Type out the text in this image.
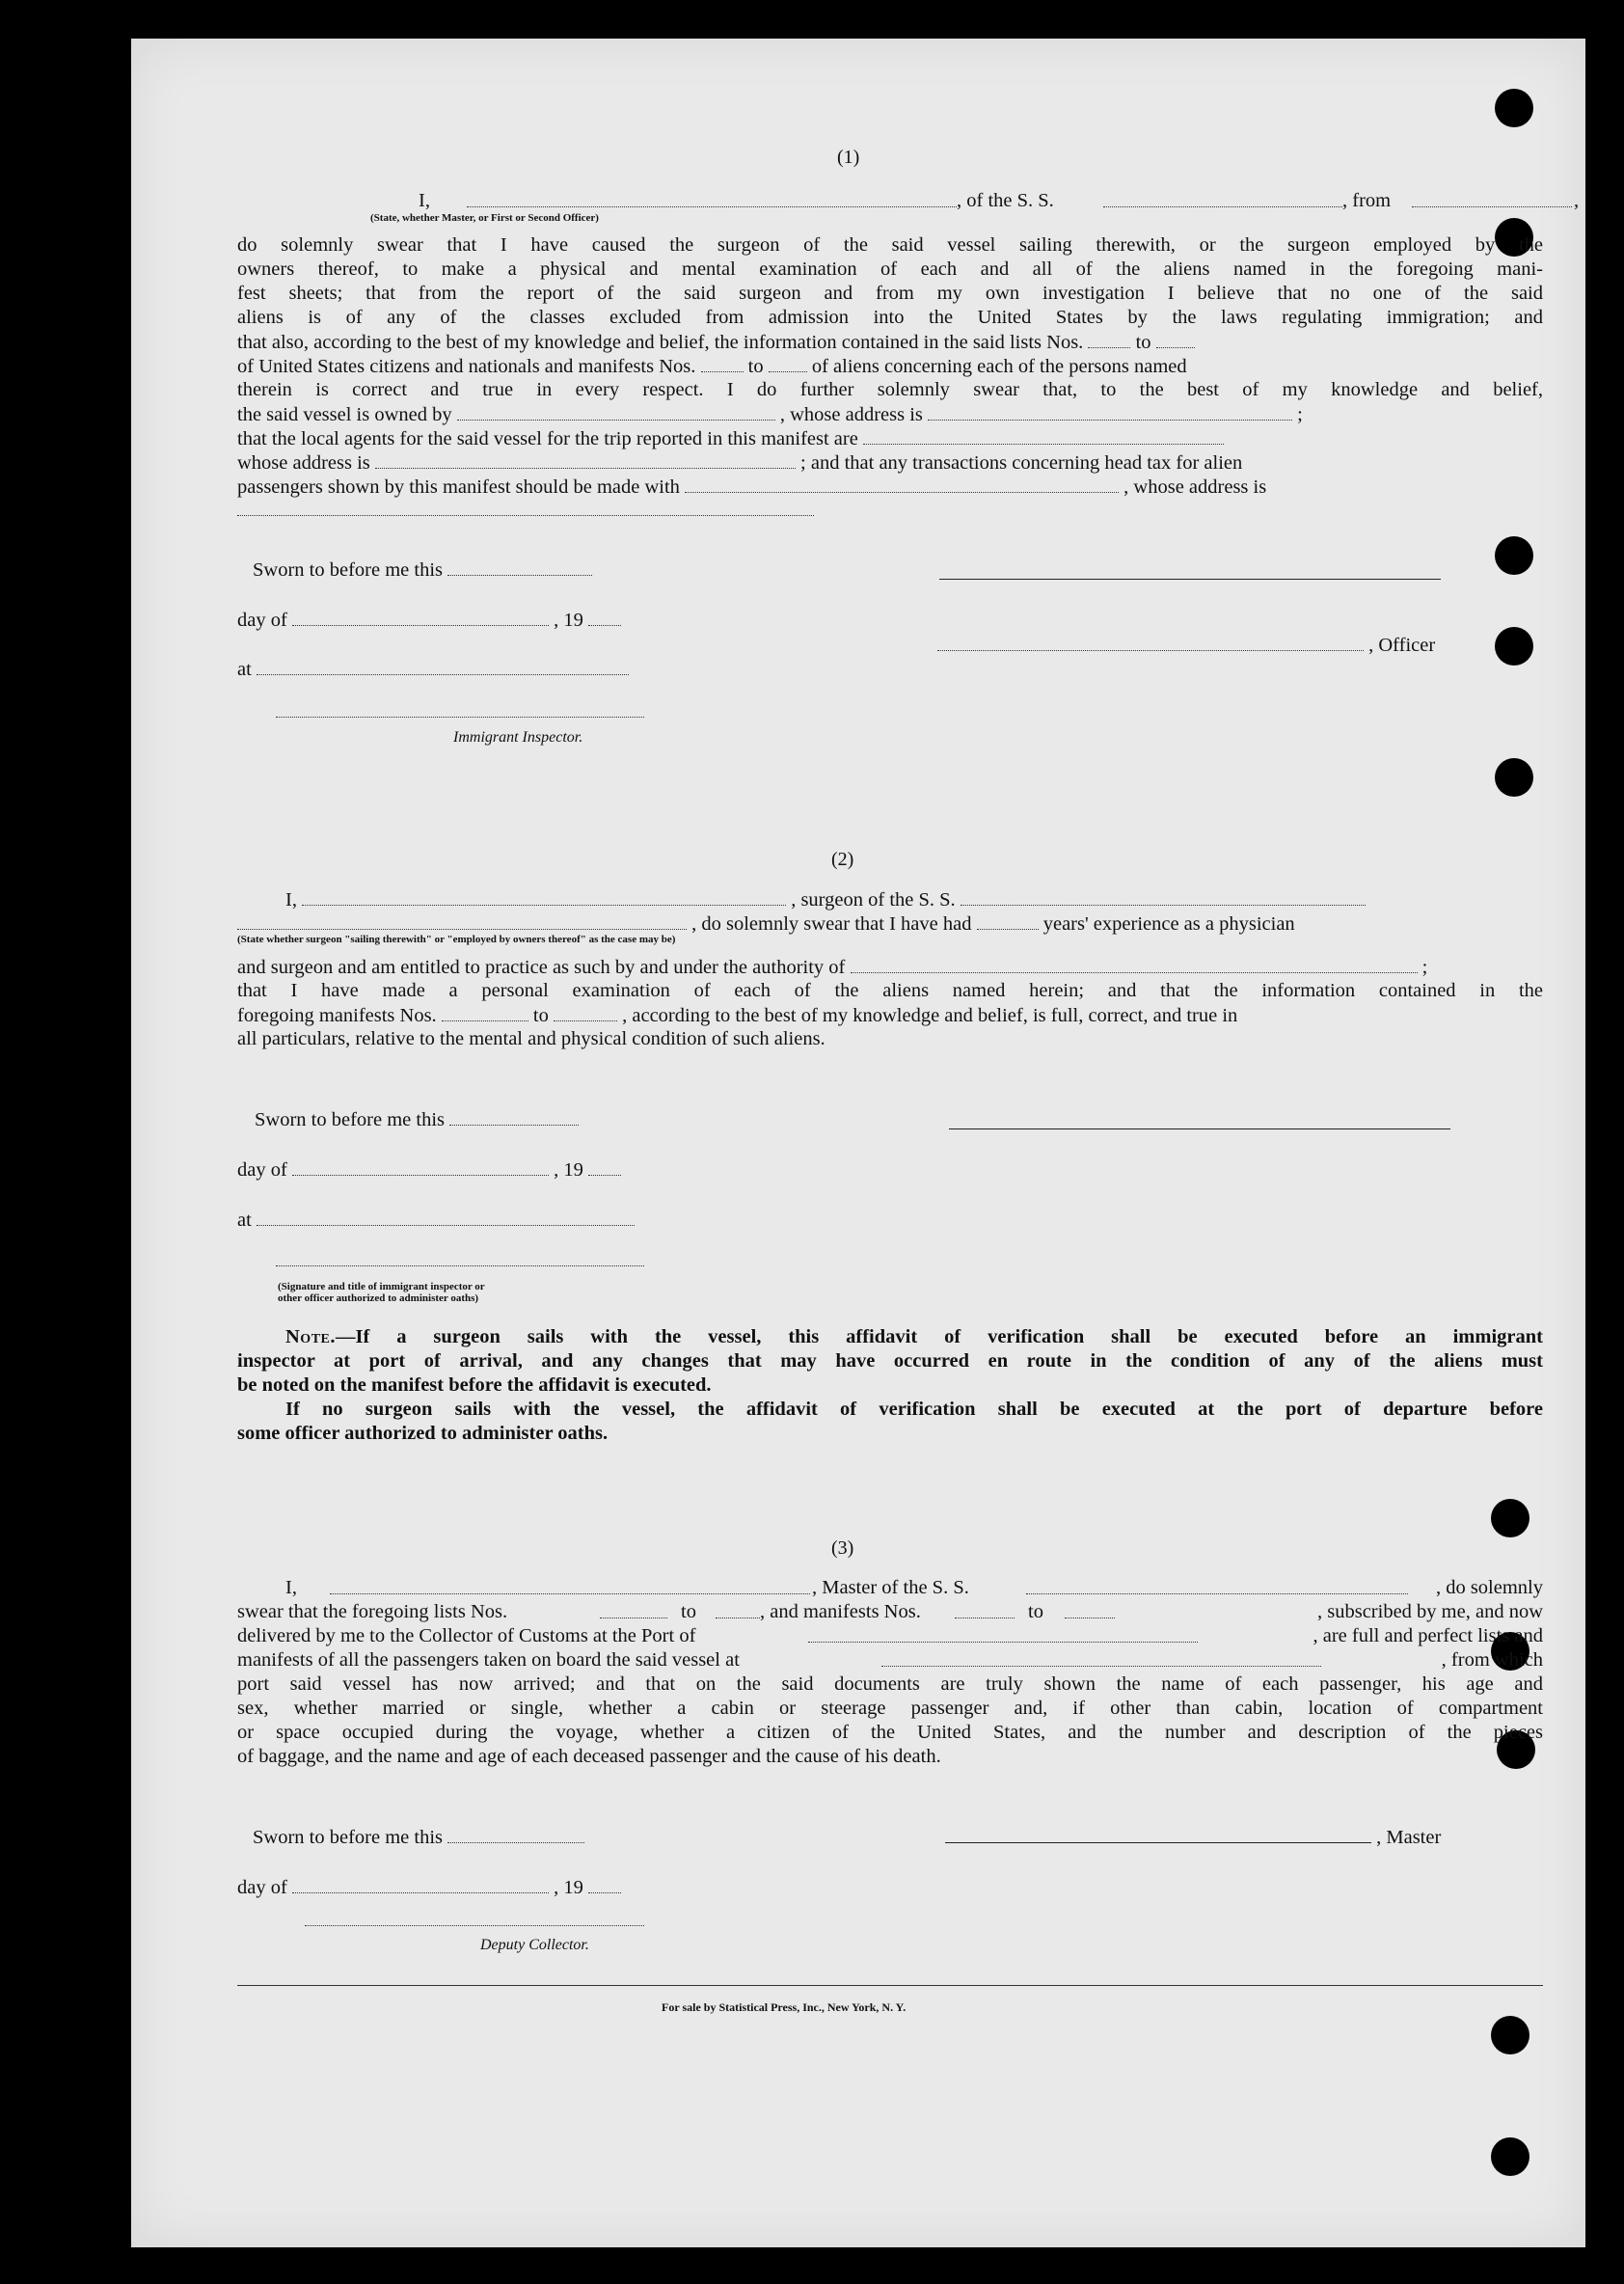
(1)
I,	, of the S. S.	, from	,
(State, whether Master, or First or Second Officer)
do solemnly swear that I have caused the surgeon of the said vessel sailing therewith, or the surgeon employed by the
owners thereof, to make a physical and mental examination of each and all of the aliens named in the foregoing mani-
fest sheets; that from the report of the said surgeon and from my own investigation I believe that no one of the said
aliens is of any of the classes excluded from admission into the United States by the laws regulating immigration; and
that also, according to the best of my knowledge and belief, the information contained in the said lists Nos.	to
of United States citizens and nationals and manifests Nos.	to of aliens concerning each of the persons named
therein is correct and true in every respect. I do further solemnly swear that, to the best of my knowledge and belief,
the said vessel is owned by	, whose address is	;
that the local agents for the said vessel for the trip reported in this manifest are
whose address is	; and that any transactions concerning head tax for alien
passengers shown by this manifest should be made with	, whose address is
Sworn to before me this
day of	, 19
, Officer
at
Immigrant Inspector.
(2)
I,	, surgeon of the S. S.
, do solemnly swear that I have had	years' experience as a physician
(State whether surgeon "sailing therewith" or "employed by owners thereof" as the case may be)
and surgeon and am entitled to practice as such by and under the authority of	;
that I have made a personal examination of each of the aliens named herein; and that the information contained in the
foregoing manifests Nos.	to	, according to the best of my knowledge and belief, is full, correct, and true in
all particulars, relative to the mental and physical condition of such aliens.
Sworn to before me this
day of	, 19
at
(Signature and title of immigrant inspector or
other officer authorized to administer oaths)
Note.—If a surgeon sails with the vessel, this affidavit of verification shall be executed before an immigrant
inspector at port of arrival, and any changes that may have occurred en route in the condition of any of the aliens must
be noted on the manifest before the affidavit is executed.
If no surgeon sails with the vessel, the affidavit of verification shall be executed at the port of departure before
some officer authorized to administer oaths.
(3)
I,	, Master of the S. S.	, do solemnly
swear that the foregoing lists Nos.	to	, and manifests Nos.	to	, subscribed by me, and now
delivered by me to the Collector of Customs at the Port of	, are full and perfect lists and
manifests of all the passengers taken on board the said vessel at	, from which
port said vessel has now arrived; and that on the said documents are truly shown the name of each passenger, his age and
sex, whether married or single, whether a cabin or steerage passenger and, if other than cabin, location of compartment
or space occupied during the voyage, whether a citizen of the United States, and the number and description of the pieces
of baggage, and the name and age of each deceased passenger and the cause of his death.
Sworn to before me this	, Master
day of	, 19
Deputy Collector.
For sale by Statistical Press, Inc., New York, N. Y.
